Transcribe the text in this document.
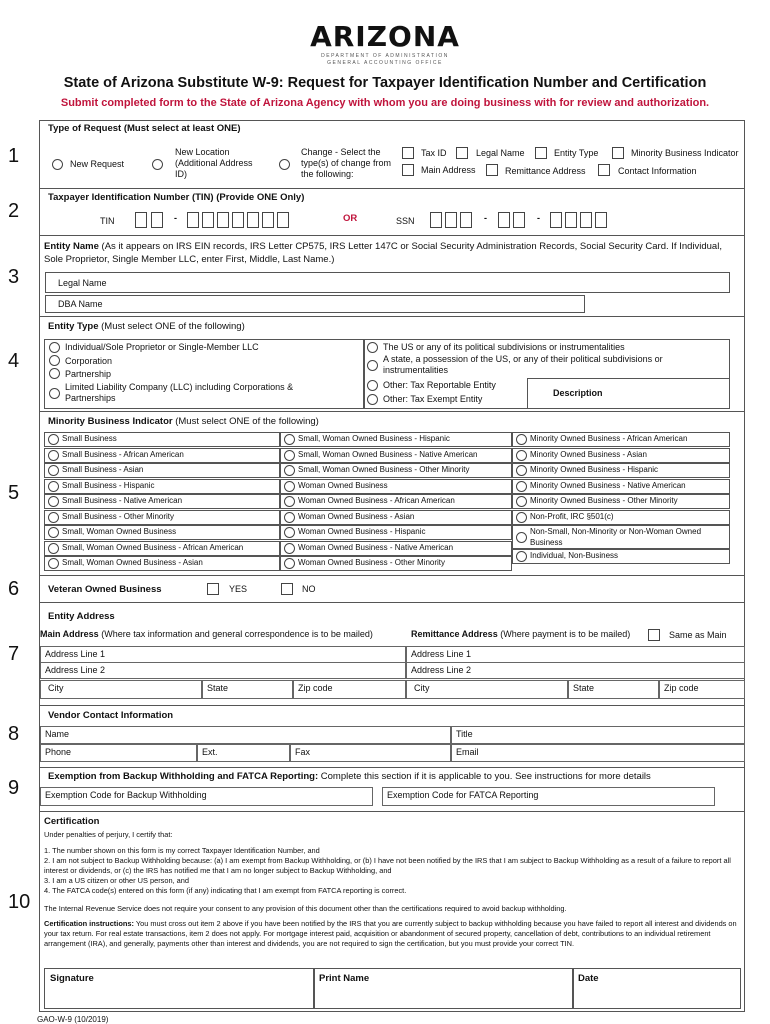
ARIZONA
DEPARTMENT OF ADMINISTRATION
GENERAL ACCOUNTING OFFICE
State of Arizona Substitute W-9: Request for Taxpayer Identification Number and Certification
Submit completed form to the State of Arizona Agency with whom you are doing business with for review and authorization.
1
Type of Request (Must select at least ONE)
New Request
New Location (Additional Address ID)
Change - Select the type(s) of change from the following:
Tax ID	Legal Name	Entity Type	Minority Business Indicator
Main Address	Remittance Address	Contact Information
2
Taxpayer Identification Number (TIN) (Provide ONE Only)
TIN	-	OR	SSN	-	-
3
Entity Name (As it appears on IRS EIN records, IRS Letter CP575, IRS Letter 147C or Social Security Administration Records, Social Security Card. If Individual, Sole Proprietor, Single Member LLC, enter First, Middle, Last Name.)
Legal Name
DBA Name
4
Entity Type (Must select ONE of the following)
Individual/Sole Proprietor or Single-Member LLC
Corporation
Partnership
Limited Liability Company (LLC) including Corporations & Partnerships
The US or any of its political subdivisions or instrumentalities
A state, a possession of the US, or any of their political subdivisions or instrumentalities
Other: Tax Reportable Entity
Other: Tax Exempt Entity
Description
5
Minority Business Indicator (Must select ONE of the following)
Small Business
Small Business - African American
Small Business - Asian
Small Business - Hispanic
Small Business - Native American
Small Business - Other Minority
Small, Woman Owned Business
Small, Woman Owned Business - African American
Small, Woman Owned Business - Asian
Small, Woman Owned Business - Hispanic
Small, Woman Owned Business - Native American
Small, Woman Owned Business - Other Minority
Woman Owned Business
Woman Owned Business - African American
Woman Owned Business - Asian
Woman Owned Business - Hispanic
Woman Owned Business - Native American
Woman Owned Business - Other Minority
Minority Owned Business - African American
Minority Owned Business - Asian
Minority Owned Business - Hispanic
Minority Owned Business - Native American
Minority Owned Business - Other Minority
Non-Profit, IRC §501(c)
Non-Small, Non-Minority or Non-Woman Owned Business
Individual, Non-Business
6	Veteran Owned Business	YES	NO
7
Entity Address
Main Address (Where tax information and general correspondence is to be mailed)	Remittance Address (Where payment is to be mailed)	Same as Main
Address Line 1
Address Line 2
City	State	Zip code
Address Line 1
Address Line 2
City	State	Zip code
8
Vendor Contact Information
Name	Title
Phone	Ext.	Fax	Email
9
Exemption from Backup Withholding and FATCA Reporting: Complete this section if it is applicable to you. See instructions for more details
Exemption Code for Backup Withholding	Exemption Code for FATCA Reporting
10
Certification
Under penalties of perjury, I certify that:
1. The number shown on this form is my correct Taxpayer Identification Number, and
2. I am not subject to Backup Withholding because: (a) I am exempt from Backup Withholding, or (b) I have not been notified by the IRS that I am subject to Backup Withholding as a result of a failure to report all interest or dividends, or (c) the IRS has notified me that I am no longer subject to Backup Withholding, and
3. I am a US citizen or other US person, and
4. The FATCA code(s) entered on this form (if any) indicating that I am exempt from FATCA reporting is correct.
The Internal Revenue Service does not require your consent to any provision of this document other than the certifications required to avoid backup withholding.
Certification instructions: You must cross out item 2 above if you have been notified by the IRS that you are currently subject to backup withholding because you have failed to report all interest and dividends on your tax return. For real estate transactions, item 2 does not apply. For mortgage interest paid, acquisition or abandonment of secured property, cancellation of debt, contributions to an individual retirement arrangement (IRA), and generally, payments other than interest and dividends, you are not required to sign the certification, but you must provide your correct TIN.
Signature	Print Name	Date
GAO-W-9 (10/2019)
